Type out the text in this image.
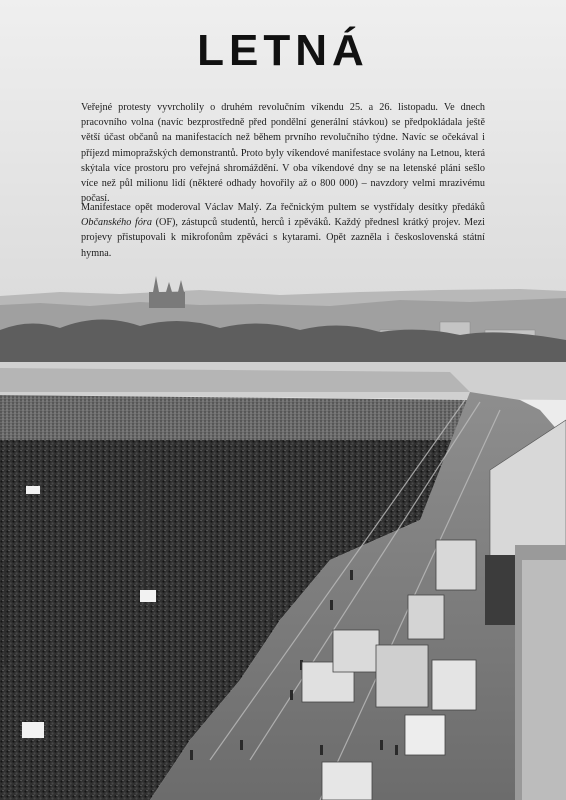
LETNÁ

Veřejné protesty vyvrcholily o druhém revolučním víkendu 25. a 26. listopadu. Ve dnech pracovního volna (navíc bezprostředně před pondělní generální stávkou) se předpokládala ještě větší účast občanů na manifestacích než během prvního revolučního týdne. Navíc se očekával i příjezd mimopražských demonstrantů. Proto byly víkendové manifestace svolány na Letnou, která skýtala více prostoru pro veřejná shromáždění. V oba víkendové dny se na letenské pláni sešlo více než půl milionu lidí (některé odhady hovořily až o 800 000) – navzdory velmi mrazivému počasí.

Manifestace opět moderoval Václav Malý. Za řečnickým pultem se vystřídaly desítky předáků Občanského fóra (OF), zástupců studentů, herců i zpěváků. Každý přednesl krátký projev. Mezi projevy přistupovali k mikrofonům zpěváci s kytarami. Opět zazněla i československá státní hymna.
